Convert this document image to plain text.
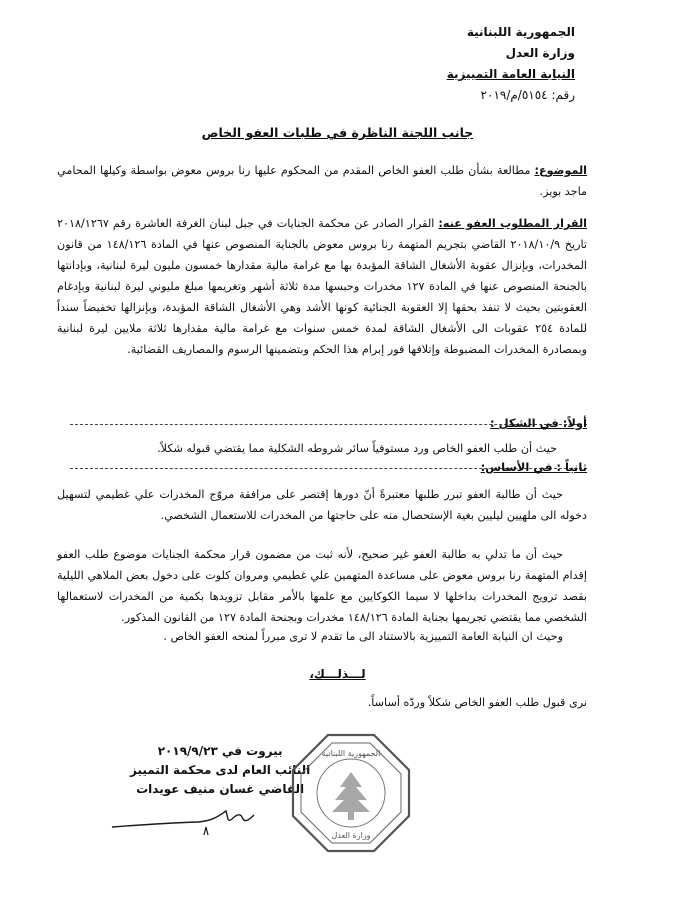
الجمهورية اللبنانية
وزارة العدل
النيابة العامة التمييزية
رقم: ٥١٥٤/م/٢٠١٩
جانب اللجنة الناظرة في طلبات العفو الخاص
الموضوع: مطالعة بشأن طلب العفو الخاص المقدم من المحكوم عليها رنا بروس معوض بواسطة وكيلها المحامي ماجد بويز.
القرار المطلوب العفو عنه: القرار الصادر عن محكمة الجنايات في جبل لبنان الغرفة العاشرة رقم ٢٠١٨/١٢٦٧ تاريخ ٢٠١٨/١٠/٩ القاضي بتجريم المتهمة رنا بروس معوض بالجناية المنصوص عنها في المادة ١٤٨/١٢٦ من قانون المخدرات، وبإنزال عقوبة الأشغال الشاقة المؤبدة بها مع غرامة مالية مقدارها خمسون مليون ليرة لبنانية، وبإدانتها بالجنحة المنصوص عنها في المادة ١٢٧ مخدرات وحبسها مدة ثلاثة أشهر وتغريمها مبلغ مليوني ليرة لبنانية وبإدغام العقوبتين بحيث لا تنفذ بحقها إلا العقوبة الجنائية كونها الأشد وهي الأشغال الشاقة المؤبدة، وبإنزالها تخفيضاً سنداً للمادة ٢٥٤ عقوبات الى الأشغال الشاقة لمدة خمس سنوات مع غرامة مالية مقدارها ثلاثة ملايين ليرة لبنانية وبمصادرة المخدرات المضبوطة وإتلافها فور إبرام هذا الحكم وبتضمينها الرسوم والمصاريف القضائية.
أولاً: في الشكل :
حيث أن طلب العفو الخاص ورد مستوفياً سائر شروطه الشكلية مما يقتضي قبوله شكلاً.
ثانياً : في الأساس:
حيث أن طالبة العفو تبرر طلبها معتبرةً أنّ دورها إقتصر على مرافقة مروّج المخدرات علي غطيمي لتسهيل دخوله الى ملهيين ليليين بغية الإستحصال منه على حاجتها من المخدرات للاستعمال الشخصي.
حيث أن ما تدلي به طالبة العفو غير صحيح، لأنه ثبت من مضمون قرار محكمة الجنايات موضوع طلب العفو إقدام المتهمة رنا بروس معوض على مساعدة المتهمين علي غطيمي ومروان كلوت على دخول بعض الملاهي الليلية بقصد ترويج المخدرات بداخلها لا سيما الكوكايين مع علمها بالأمر مقابل تزويدها بكمية من المخدرات لاستعمالها الشخصي مما يقتضي تجريمها بجناية المادة ١٤٨/١٢٦ مخدرات وبجنحة المادة ١٢٧ من القانون المذكور.
وحيث ان النيابة العامة التمييزية بالاستناد الى ما تقدم لا ترى مبرراً لمنحه العفو الخاص .
لـــذلـــك،
نرى قبول طلب العفو الخاص شكلاً وردّه أساساً.
بيروت في ٢٠١٩/٩/٢٣
النائب العام لدى محكمة التمييز
القاضي غسان منيف عويدات
الجمهورية اللبنانية
وزارة العدل
